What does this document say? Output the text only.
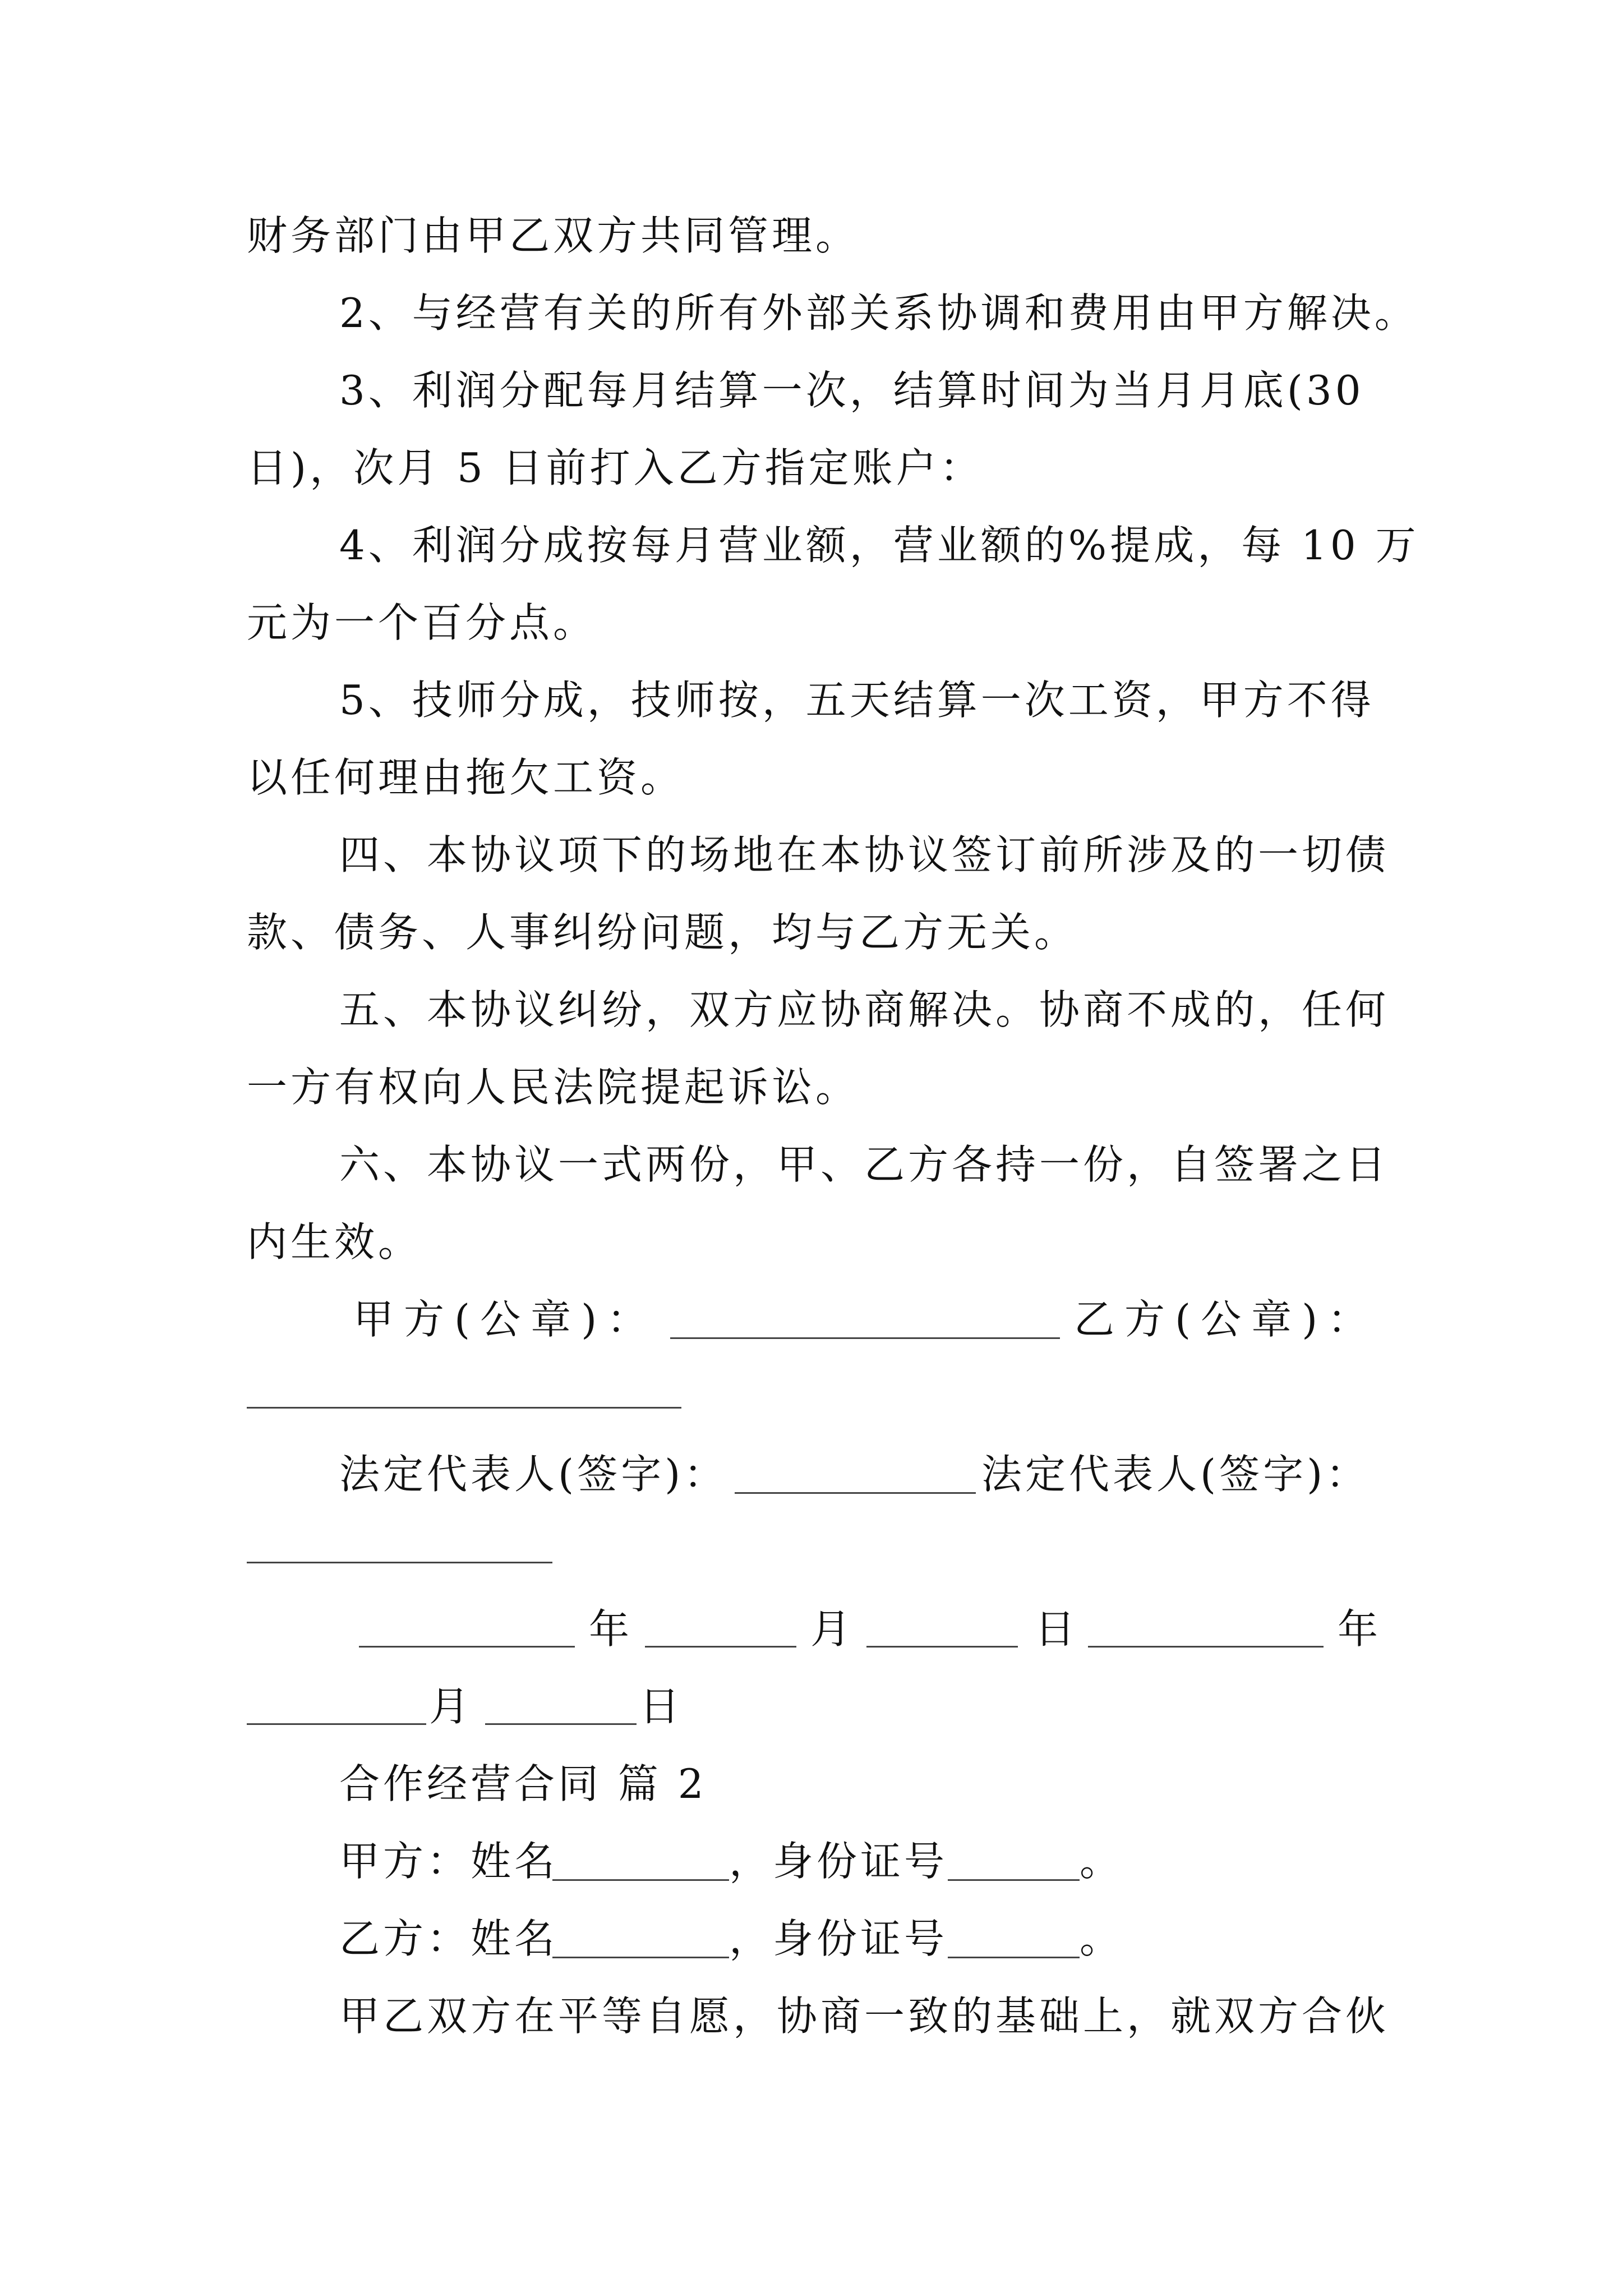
财务部门由甲乙双方共同管理。
2、与经营有关的所有外部关系协调和费用由甲方解决。
3、利润分配每月结算一次，结算时间为当月月底(30
日)，次月 5 日前打入乙方指定账户：
4、利润分成按每月营业额，营业额的%提成，每 10 万
元为一个百分点。
5、技师分成，技师按，五天结算一次工资，甲方不得
以任何理由拖欠工资。
四、本协议项下的场地在本协议签订前所涉及的一切债
款、债务、人事纠纷问题，均与乙方无关。
五、本协议纠纷，双方应协商解决。协商不成的，任何
一方有权向人民法院提起诉讼。
六、本协议一式两份，甲、乙方各持一份，自签署之日
内生效。
甲方(公章)：	乙方(公章)：
法定代表人(签字)：	法定代表人(签字)：
年	月	日	年
月	日
合作经营合同 篇 2
甲方：姓名	，身份证号	。
乙方：姓名	，身份证号	。
甲乙双方在平等自愿，协商一致的基础上，就双方合伙
